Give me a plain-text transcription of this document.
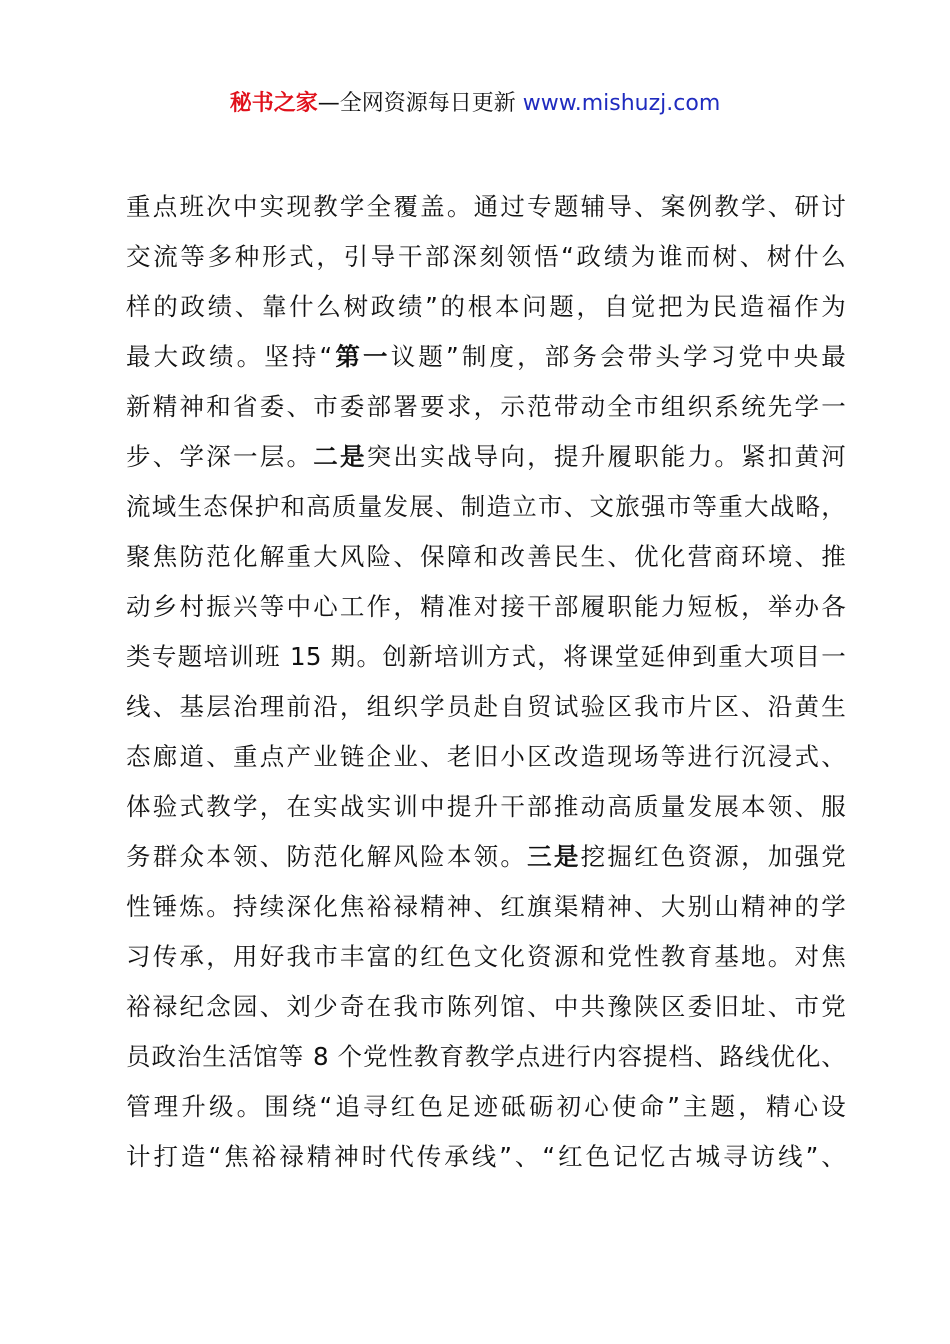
秘书之家—全网资源每日更新 www.mishuzj.com
重点班次中实现教学全覆盖。通过专题辅导、案例教学、研讨
交流等多种形式，引导干部深刻领悟“政绩为谁而树、树什么
样的政绩、靠什么树政绩”的根本问题，自觉把为民造福作为
最大政绩。坚持“第一议题”制度，部务会带头学习党中央最
新精神和省委、市委部署要求，示范带动全市组织系统先学一
步、学深一层。二是突出实战导向，提升履职能力。紧扣黄河
流域生态保护和高质量发展、制造立市、文旅强市等重大战略，
聚焦防范化解重大风险、保障和改善民生、优化营商环境、推
动乡村振兴等中心工作，精准对接干部履职能力短板，举办各
类专题培训班 15 期。创新培训方式，将课堂延伸到重大项目一
线、基层治理前沿，组织学员赴自贸试验区我市片区、沿黄生
态廊道、重点产业链企业、老旧小区改造现场等进行沉浸式、
体验式教学，在实战实训中提升干部推动高质量发展本领、服
务群众本领、防范化解风险本领。三是挖掘红色资源，加强党
性锤炼。持续深化焦裕禄精神、红旗渠精神、大别山精神的学
习传承，用好我市丰富的红色文化资源和党性教育基地。对焦
裕禄纪念园、刘少奇在我市陈列馆、中共豫陕区委旧址、市党
员政治生活馆等 8 个党性教育教学点进行内容提档、路线优化、
管理升级。围绕“追寻红色足迹砥砺初心使命”主题，精心设
计打造“焦裕禄精神时代传承线”、“红色记忆古城寻访线”、
